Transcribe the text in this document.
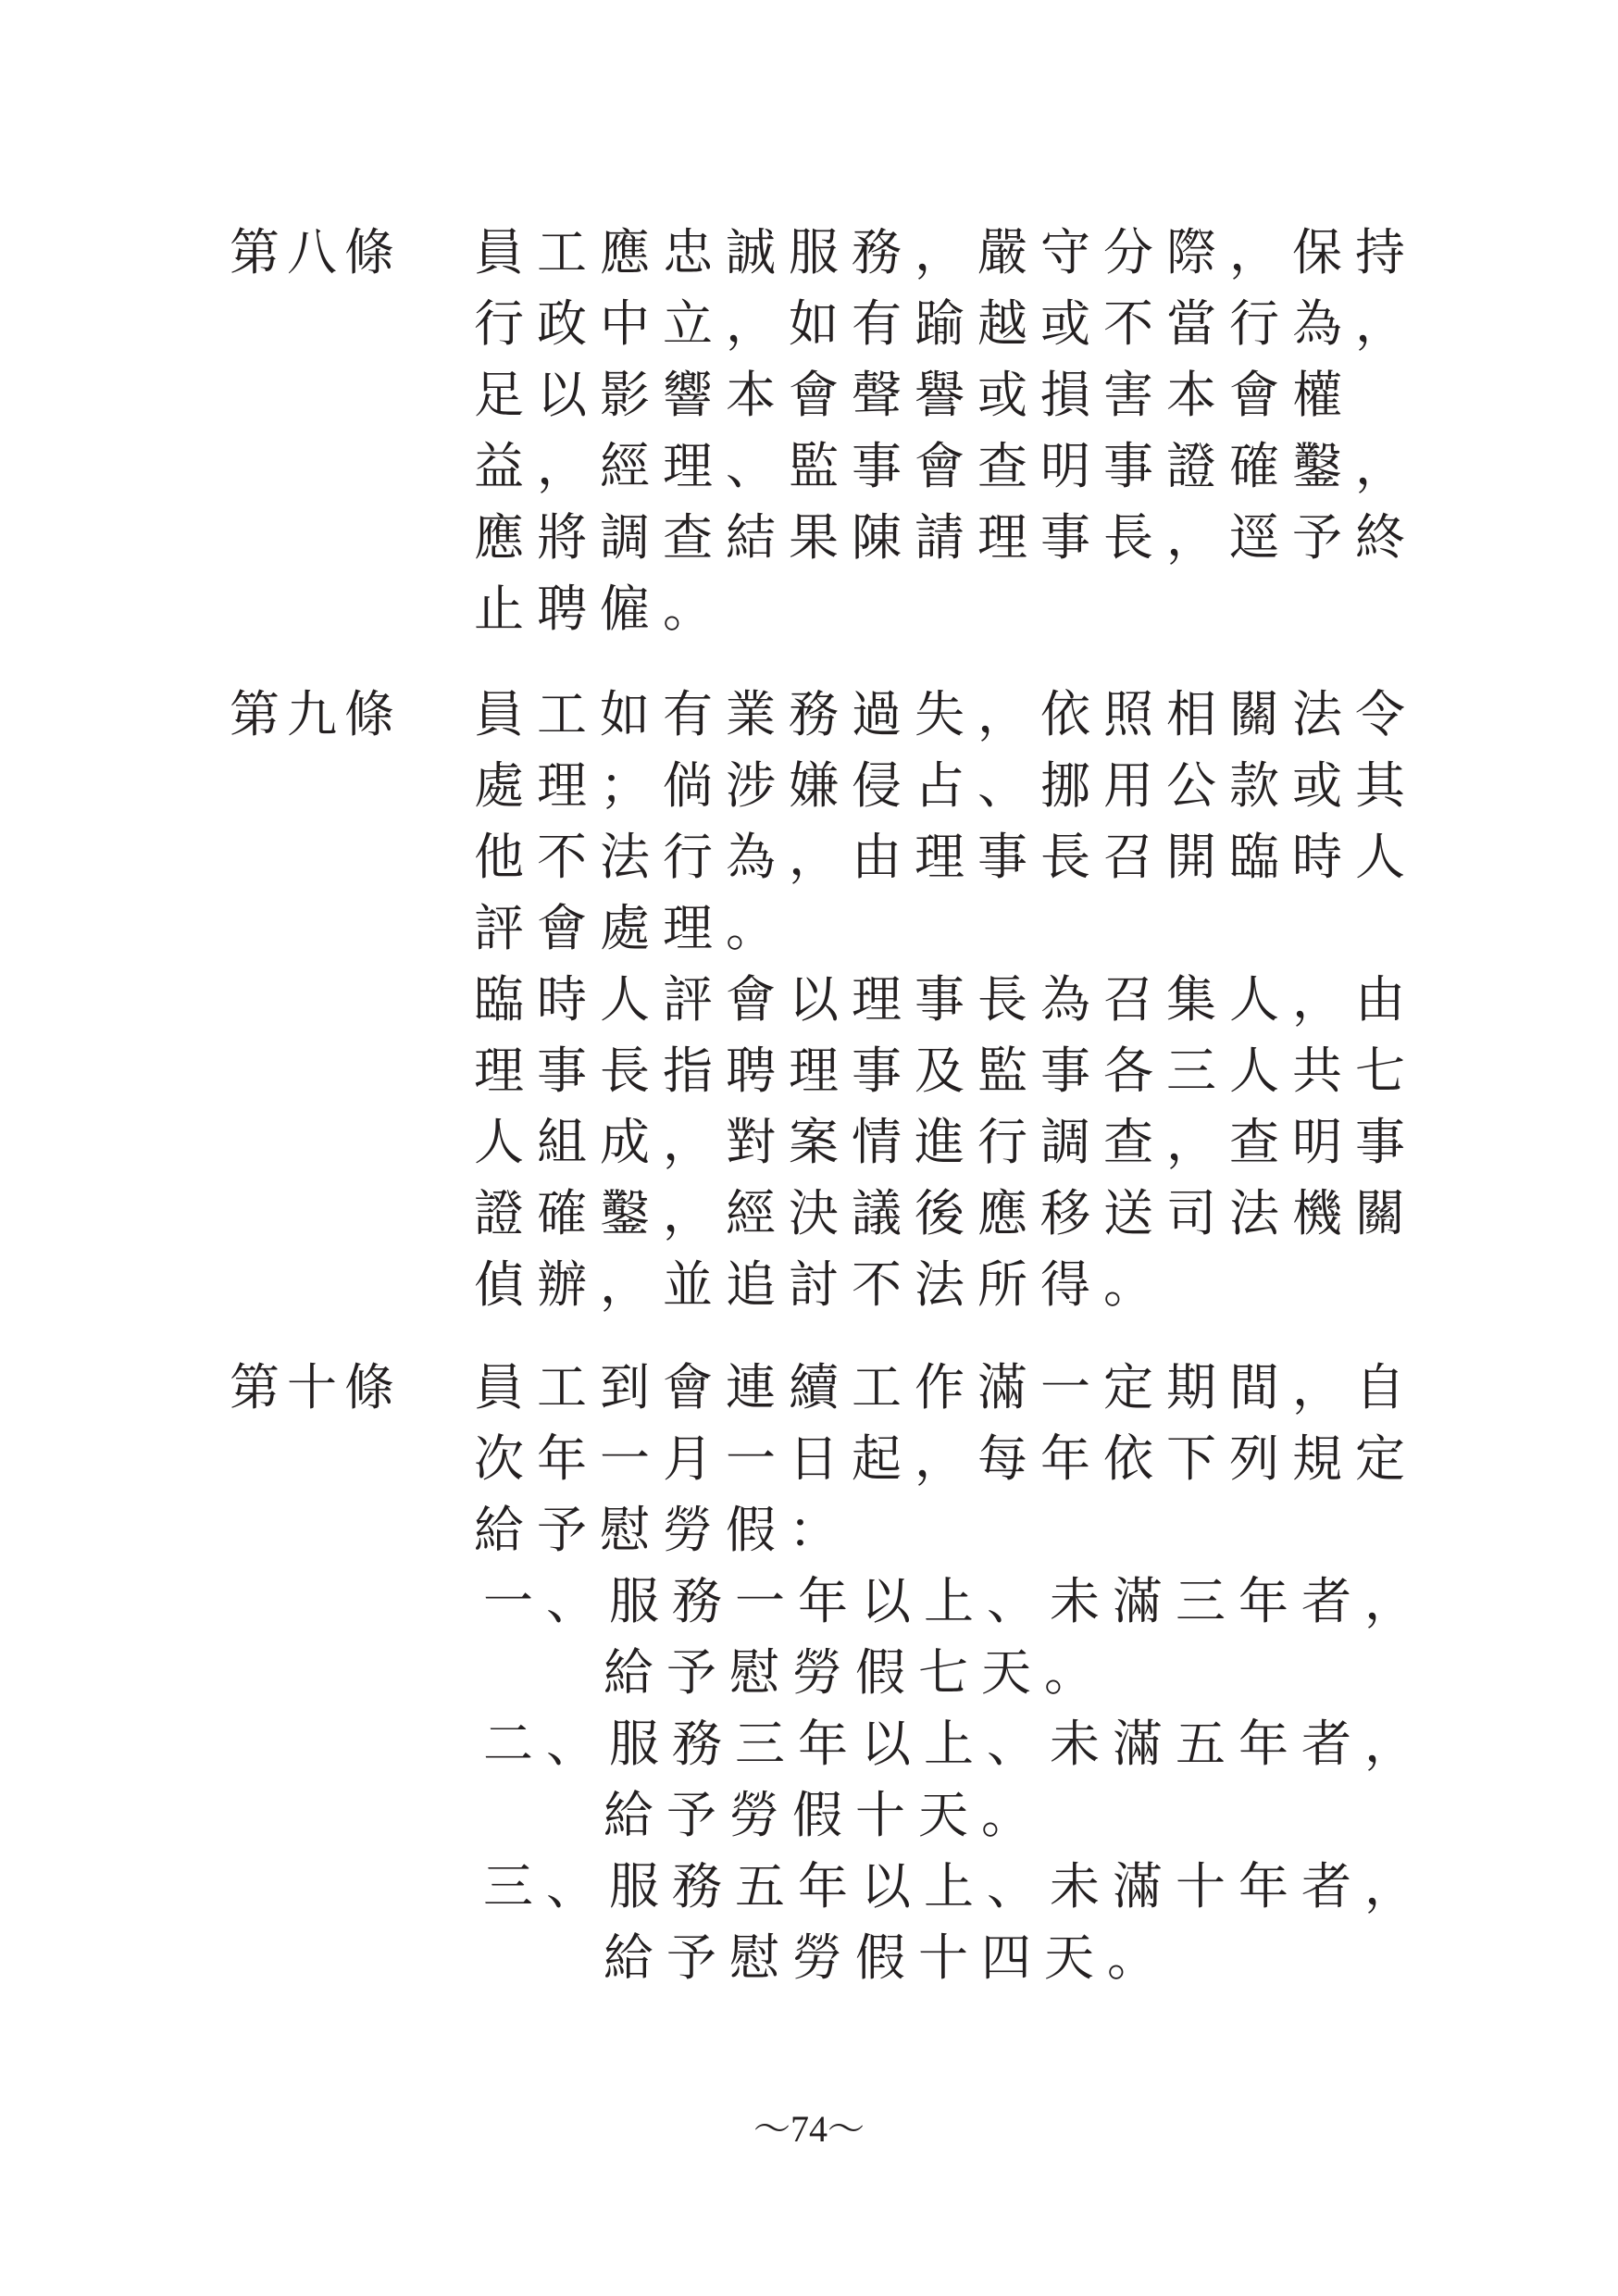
第八條 員工應忠誠服務，嚴守分際，保持

行政中立，如有踰越或不當行為，

足以影響本會聲譽或損害本會權

益，經理、監事會查明事證確鑿，

應將調查結果陳請理事長，逕予終

止聘僱。

第九條 員工如有業務過失，依照相關法令

處理；倘涉嫌侵占、挪用公款或其

他不法行為，由理事長召開臨時人

評會處理。

臨時人評會以理事長為召集人，由

理事長指聘理事及監事各三人共七

人組成，對案情進行調查，查明事

證確鑿，經決議後應移送司法機關

偵辦，並追討不法所得。

第十條 員工到會連續工作滿一定期間，自

次年一月一日起，每年依下列規定

給予慰勞假：

一、服務一年以上、未滿三年者，

給予慰勞假七天。

二、服務三年以上、未滿五年者，

給予勞假十天。

三、服務五年以上、未滿十年者，

給予慰勞假十四天。

～74～
